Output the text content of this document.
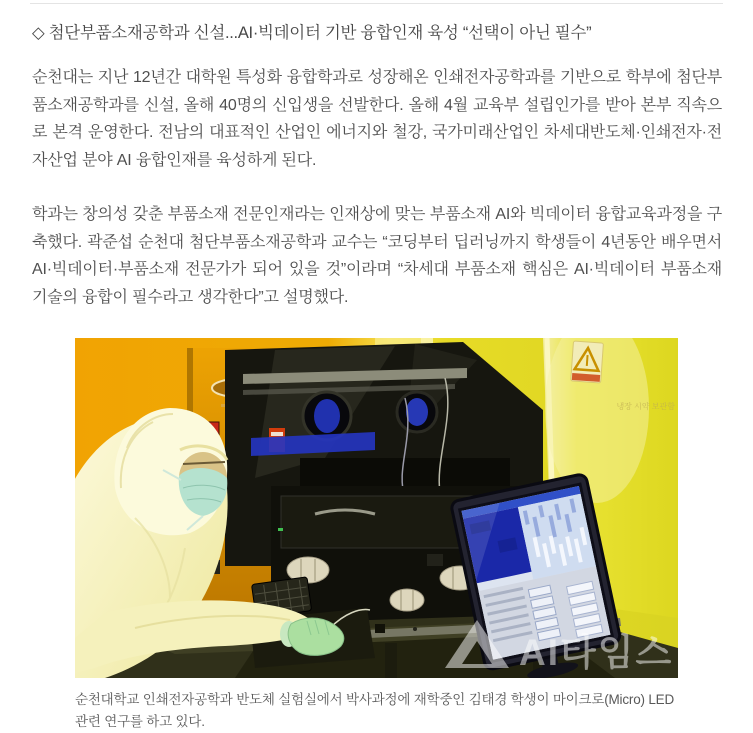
◇ 첨단부품소재공학과 신설...AI·빅데이터 기반 융합인재 육성 “선택이 아닌 필수”

순천대는 지난 12년간 대학원 특성화 융합학과로 성장해온 인쇄전자공학과를 기반으로 학부에 첨단부품소재공학과를 신설, 올해 40명의 신입생을 선발한다. 올해 4월 교육부 설립인가를 받아 본부 직속으로 본격 운영한다. 전남의 대표적인 산업인 에너지와 철강, 국가미래산업인 차세대반도체·인쇄전자·전자산업 분야 AI 융합인재를 육성하게 된다.

학과는 창의성 갖춘 부품소재 전문인재라는 인재상에 맞는 부품소재 AI와 빅데이터 융합교육과정을 구축했다. 곽준섭 순천대 첨단부품소재공학과 교수는 “코딩부터 딥러닝까지 학생들이 4년동안 배우면서 AI·빅데이터·부품소재 전문가가 되어 있을 것”이라며 “차세대 부품소재 핵심은 AI·빅데이터 부품소재 기술의 융합이 필수라고 생각한다”고 설명했다.

냉장 시약 보관함
AI타임스
순천대학교 인쇄전자공학과 반도체 실험실에서 박사과정에 재학중인 김태경 학생이 마이크로(Micro) LED 관련 연구를 하고 있다.
